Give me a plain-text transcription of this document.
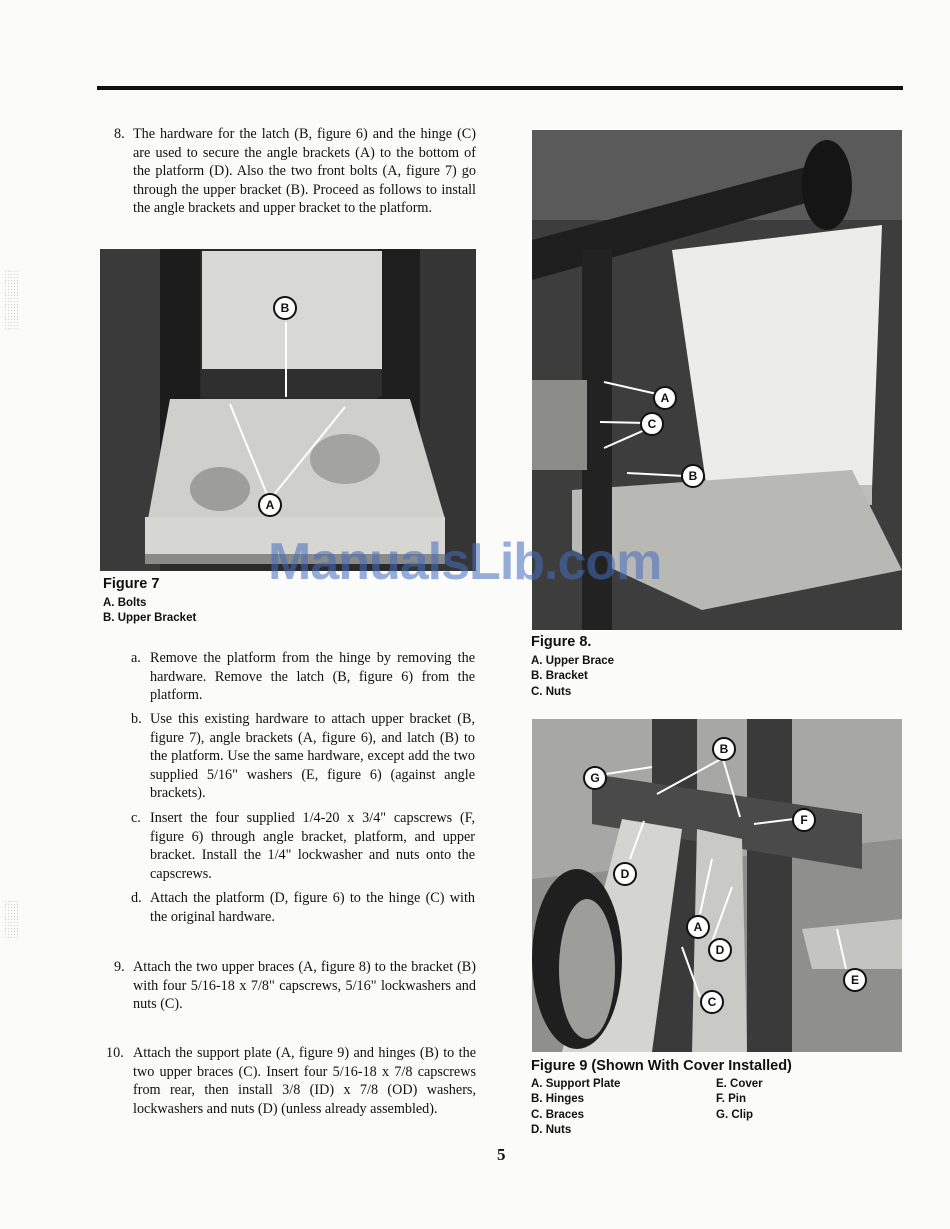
8. The hardware for the latch (B, figure 6) and the hinge (C) are used to secure the angle brackets (A) to the bottom of the platform (D). Also the two front bolts (A, figure 7) go through the upper bracket (B). Proceed as follows to install the angle brackets and upper bracket to the platform.
B
A
Figure 7
A. Bolts
B. Upper Bracket
a. Remove the platform from the hinge by removing the hardware. Remove the latch (B, figure 6) from the platform.
b. Use this existing hardware to attach upper bracket (B, figure 7), angle brackets (A, figure 6), and latch (B) to the platform. Use the same hardware, except add the two supplied 5/16" washers (E, figure 6) (against angle brackets).
c. Insert the four supplied 1/4-20 x 3/4" capscrews (F, figure 6) through angle bracket, platform, and upper bracket. Install the 1/4" lockwasher and nuts onto the capscrews.
d. Attach the platform (D, figure 6) to the hinge (C) with the original hardware.
9. Attach the two upper braces (A, figure 8) to the bracket (B) with four 5/16-18 x 7/8" capscrews, 5/16" lockwashers and nuts (C).
10. Attach the support plate (A, figure 9) and hinges (B) to the two upper braces (C). Insert four 5/16-18 x 7/8 capscrews from rear, then install 3/8 (ID) x 7/8 (OD) washers, lockwashers and nuts (D) (unless already assembled).
A
C
B
Figure 8.
A. Upper Brace
B. Bracket
C. Nuts
B
G
F
D
A
D
C
E
Figure 9 (Shown With Cover Installed)
A. Support Plate
B. Hinges
C. Braces
D. Nuts
E. Cover
F. Pin
G. Clip
ManualsLib.com
5
